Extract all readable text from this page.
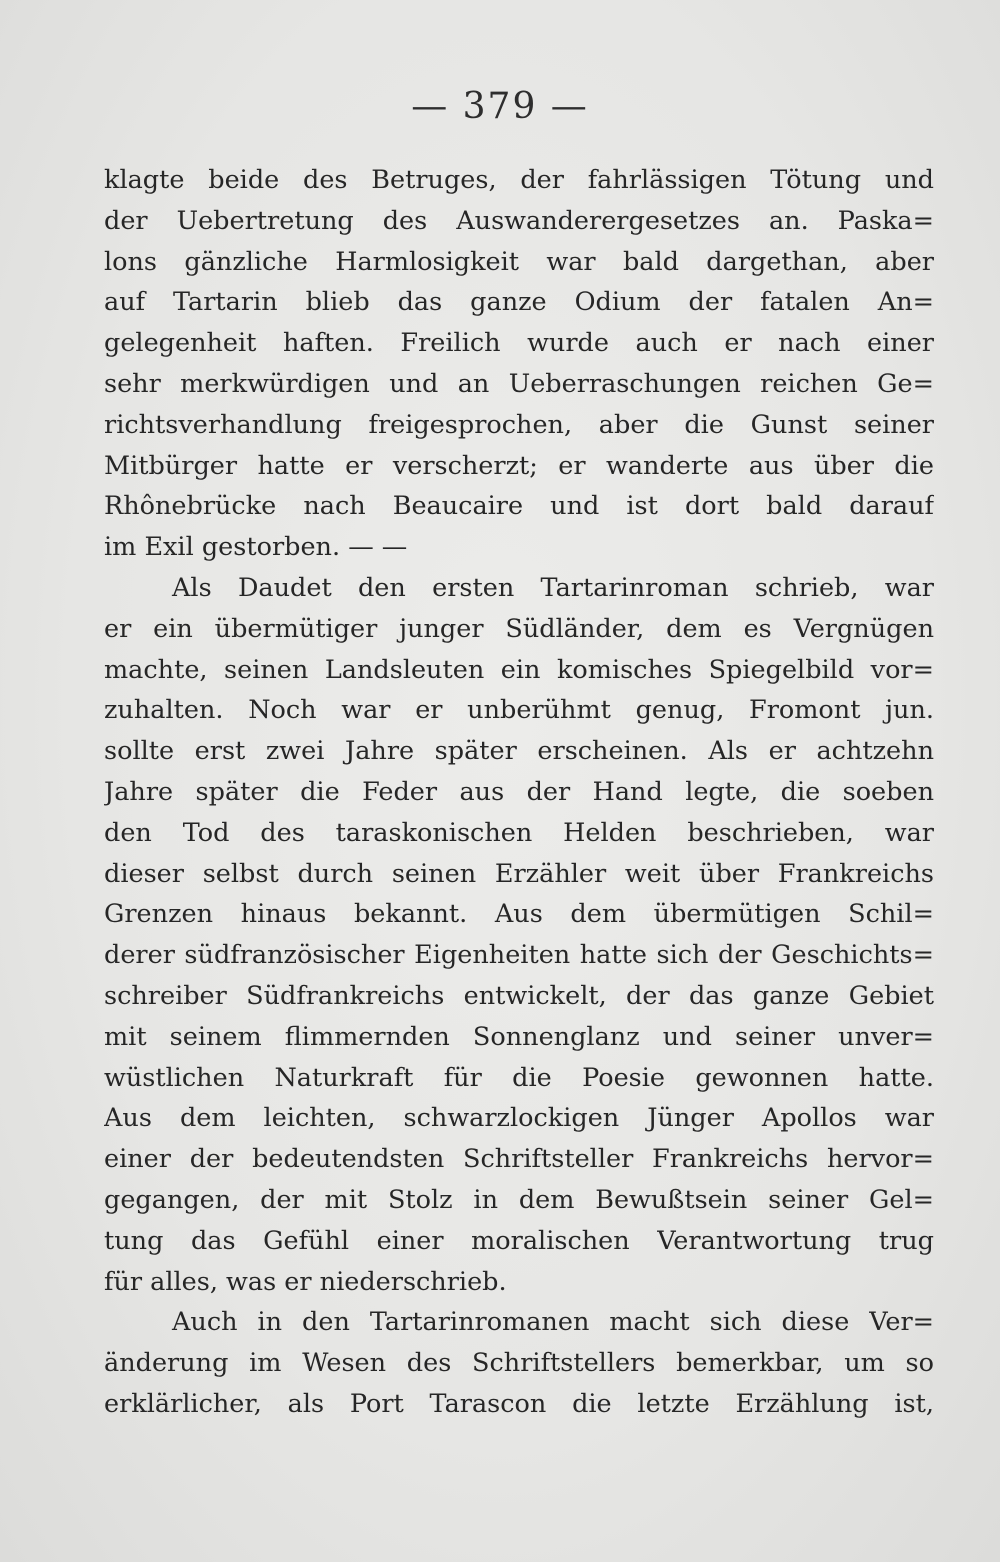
— 379 —
klagte beide des Betruges, der fahrlässigen Tötung und
der Uebertretung des Auswanderergesetzes an. Paska=
lons gänzliche Harmlosigkeit war bald dargethan, aber
auf Tartarin blieb das ganze Odium der fatalen An=
gelegenheit haften. Freilich wurde auch er nach einer
sehr merkwürdigen und an Ueberraschungen reichen Ge=
richtsverhandlung freigesprochen, aber die Gunst seiner
Mitbürger hatte er verscherzt; er wanderte aus über die
Rhônebrücke nach Beaucaire und ist dort bald darauf
im Exil gestorben. — —
Als Daudet den ersten Tartarinroman schrieb, war
er ein übermütiger junger Südländer, dem es Vergnügen
machte, seinen Landsleuten ein komisches Spiegelbild vor=
zuhalten. Noch war er unberühmt genug, Fromont jun.
sollte erst zwei Jahre später erscheinen. Als er achtzehn
Jahre später die Feder aus der Hand legte, die soeben
den Tod des taraskonischen Helden beschrieben, war
dieser selbst durch seinen Erzähler weit über Frankreichs
Grenzen hinaus bekannt. Aus dem übermütigen Schil=
derer südfranzösischer Eigenheiten hatte sich der Geschichts=
schreiber Südfrankreichs entwickelt, der das ganze Gebiet
mit seinem flimmernden Sonnenglanz und seiner unver=
wüstlichen Naturkraft für die Poesie gewonnen hatte.
Aus dem leichten, schwarzlockigen Jünger Apollos war
einer der bedeutendsten Schriftsteller Frankreichs hervor=
gegangen, der mit Stolz in dem Bewußtsein seiner Gel=
tung das Gefühl einer moralischen Verantwortung trug
für alles, was er niederschrieb.
Auch in den Tartarinromanen macht sich diese Ver=
änderung im Wesen des Schriftstellers bemerkbar, um so
erklärlicher, als Port Tarascon die letzte Erzählung ist,
